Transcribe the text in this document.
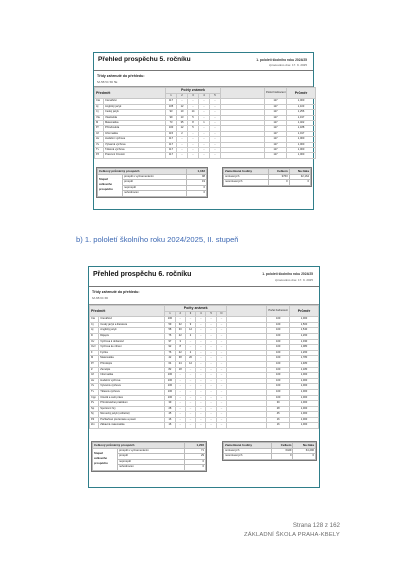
Přehled prospěchu 5. ročníku	1. pololetí školního roku 2024/25
zpracováno dne: 17. 9. 2025
Třídy zahrnuté do přehledu:
5A 5B 5C 5D 5E
Předmět		Počty známek						Počet hodnocení	Průměr
		1	2	3	4	5			
Čte	Čtenářství	117	–	–	–	–		117	1,000
Aj	Anglický jazyk	105	12	–	–	–		117	1,103
Čj	Český jazyk	93	10	14	–	–		117	1,256
Vla	Vlastivěda	99	13	5	–	–		117	1,197
M	Matematika	73	35	8	1	–		117	1,402
Př	Přírodověda	100	12	5	–	–		117	1,188
Inf	Informatika	115	2	–	–	–		117	1,017
Hv	Hudební výchova	117	–	–	–	–		117	1,000
Vv	Výtvarná výchova	117	–	–	–	–		117	1,000
Tv	Tělesná výchova	117	–	–	–	–		117	1,000
Pč	Pracovní činnosti	117	–	–	–	–		117	1,000
Celkový průměrný prospěch		1,162
Stupeň celkového prospěchu	prospěl s vyznamenáním	98
	prospěl	19
	neprospěl	0
	nehodnocen	0
Zameškané hodiny	Celkem	Na žáka
omluvených	3763	32,164
neomluvených	0	0
b) 1. pololetí školního roku 2024/2025, II. stupeň
Přehled prospěchu 6. ročníku	1. pololetí školního roku 2024/25
zpracováno dne: 17. 9. 2025
Třídy zahrnuté do přehledu:
6A 6B 6C 6D
Předmět		Počty známek							Počet hodnocení	Průměr
		1	2	3	4	5	N			
Čte	Čtenářství	100	–	–	–	–	–		100	1,000
Čj	Český jazyk a literatura	59	32	9	–	–	–		100	1,500
Aj	Anglický jazyk	58	30	12	–	–	–		100	1,540
D	Dějepis	76	22	2	–	–	–		100	1,260
Ov	Výchova k občanství	97	3	–	–	–	–		100	1,030
Ovz	Výchova ke zdraví	92	8	–	–	–	–		100	1,080
F	Fyzika	76	22	2	–	–	–		100	1,260
M	Matematika	42	38	20	–	–	–		100	1,780
Př	Přírodopis	64	24	12	–	–	–		100	1,480
Z	Zeměpis	82	18	–	–	–	–		100	1,180
Inf	Informatika	100	–	–	–	–	–		100	1,000
Hv	Hudební výchova	100	–	–	–	–	–		100	1,000
Vv	Výtvarná výchova	100	–	–	–	–	–		100	1,000
Tv	Tělesná výchova	100	–	–	–	–	–		100	1,000
Cpp	Člověk a svět práce	100	–	–	–	–	–		100	1,000
Pv	Přírodovědné praktikum	39	–	–	–	–	–		39	1,000
Sp	Sportovní hry	28	–	–	–	–	–		28	1,000
Nj	Německý jazyk (volitelně)	45	–	–	–	–	–		45	1,000
Pd	Počítačové prezentace a psaní	16	–	–	–	–	–		16	1,000
Zm	Zábavná matematika	16	–	–	–	–	–		16	1,000
Celkový průměrný prospěch		1,206
Stupeň celkového prospěchu	prospěl s vyznamenáním	71
	prospěl	29
	neprospěl	0
	nehodnocen	0
Zameškané hodiny	Celkem	Na žáka
omluvených	6429	64,290
neomluvených	0	0
Strana 128 z 162
ZÁKLADNÍ ŠKOLA PRAHA-KBELY
